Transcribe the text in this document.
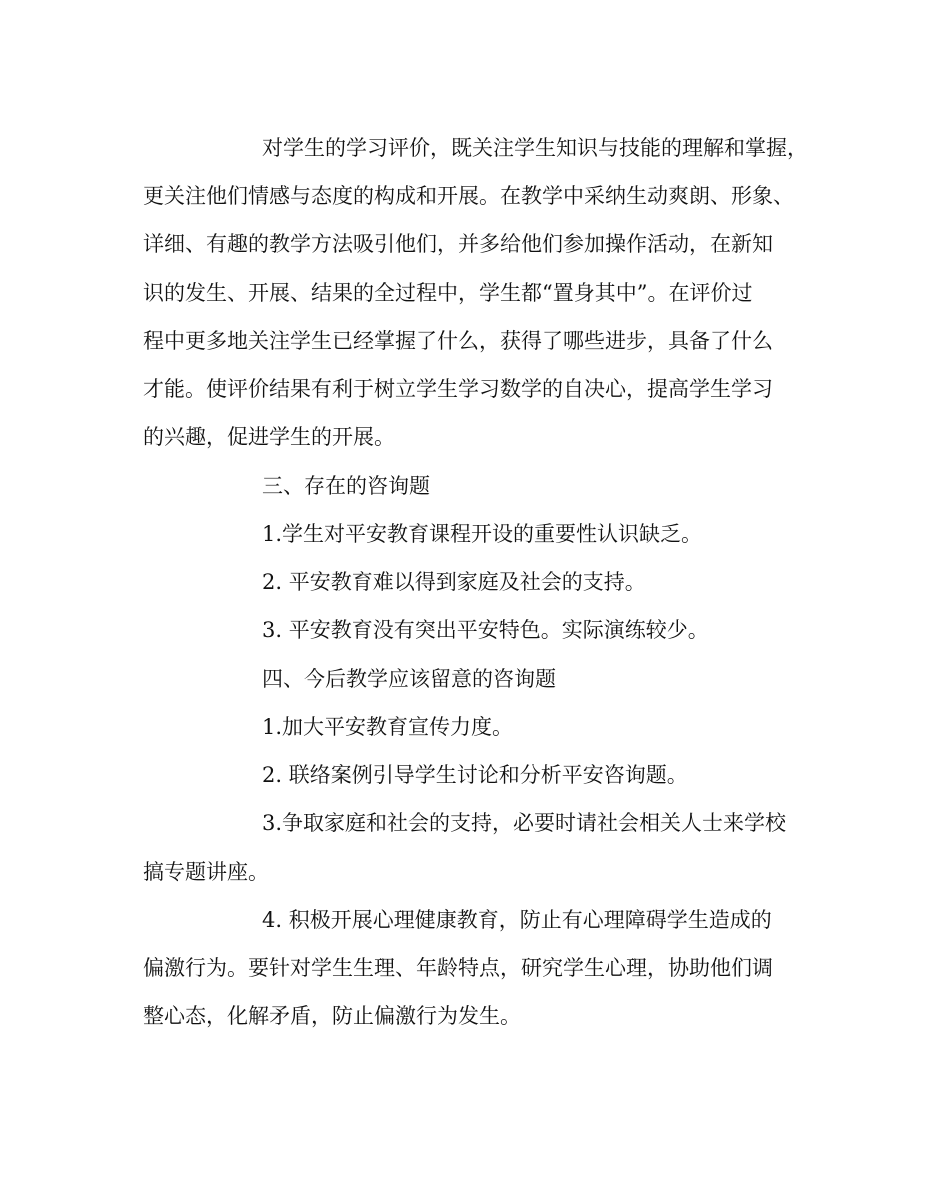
对学生的学习评价，既关注学生知识与技能的理解和掌握，
更关注他们情感与态度的构成和开展。在教学中采纳生动爽朗、形象、
详细、有趣的教学方法吸引他们，并多给他们参加操作活动，在新知
识的发生、开展、结果的全过程中，学生都“置身其中”。在评价过
程中更多地关注学生已经掌握了什么，获得了哪些进步，具备了什么
才能。使评价结果有利于树立学生学习数学的自决心，提高学生学习
的兴趣，促进学生的开展。
三、存在的咨询题
1.学生对平安教育课程开设的重要性认识缺乏。
2. 平安教育难以得到家庭及社会的支持。
3. 平安教育没有突出平安特色。实际演练较少。
四、今后教学应该留意的咨询题
1.加大平安教育宣传力度。
2. 联络案例引导学生讨论和分析平安咨询题。
3.争取家庭和社会的支持，必要时请社会相关人士来学校
搞专题讲座。
4. 积极开展心理健康教育，防止有心理障碍学生造成的
偏激行为。要针对学生生理、年龄特点，研究学生心理，协助他们调
整心态，化解矛盾，防止偏激行为发生。
